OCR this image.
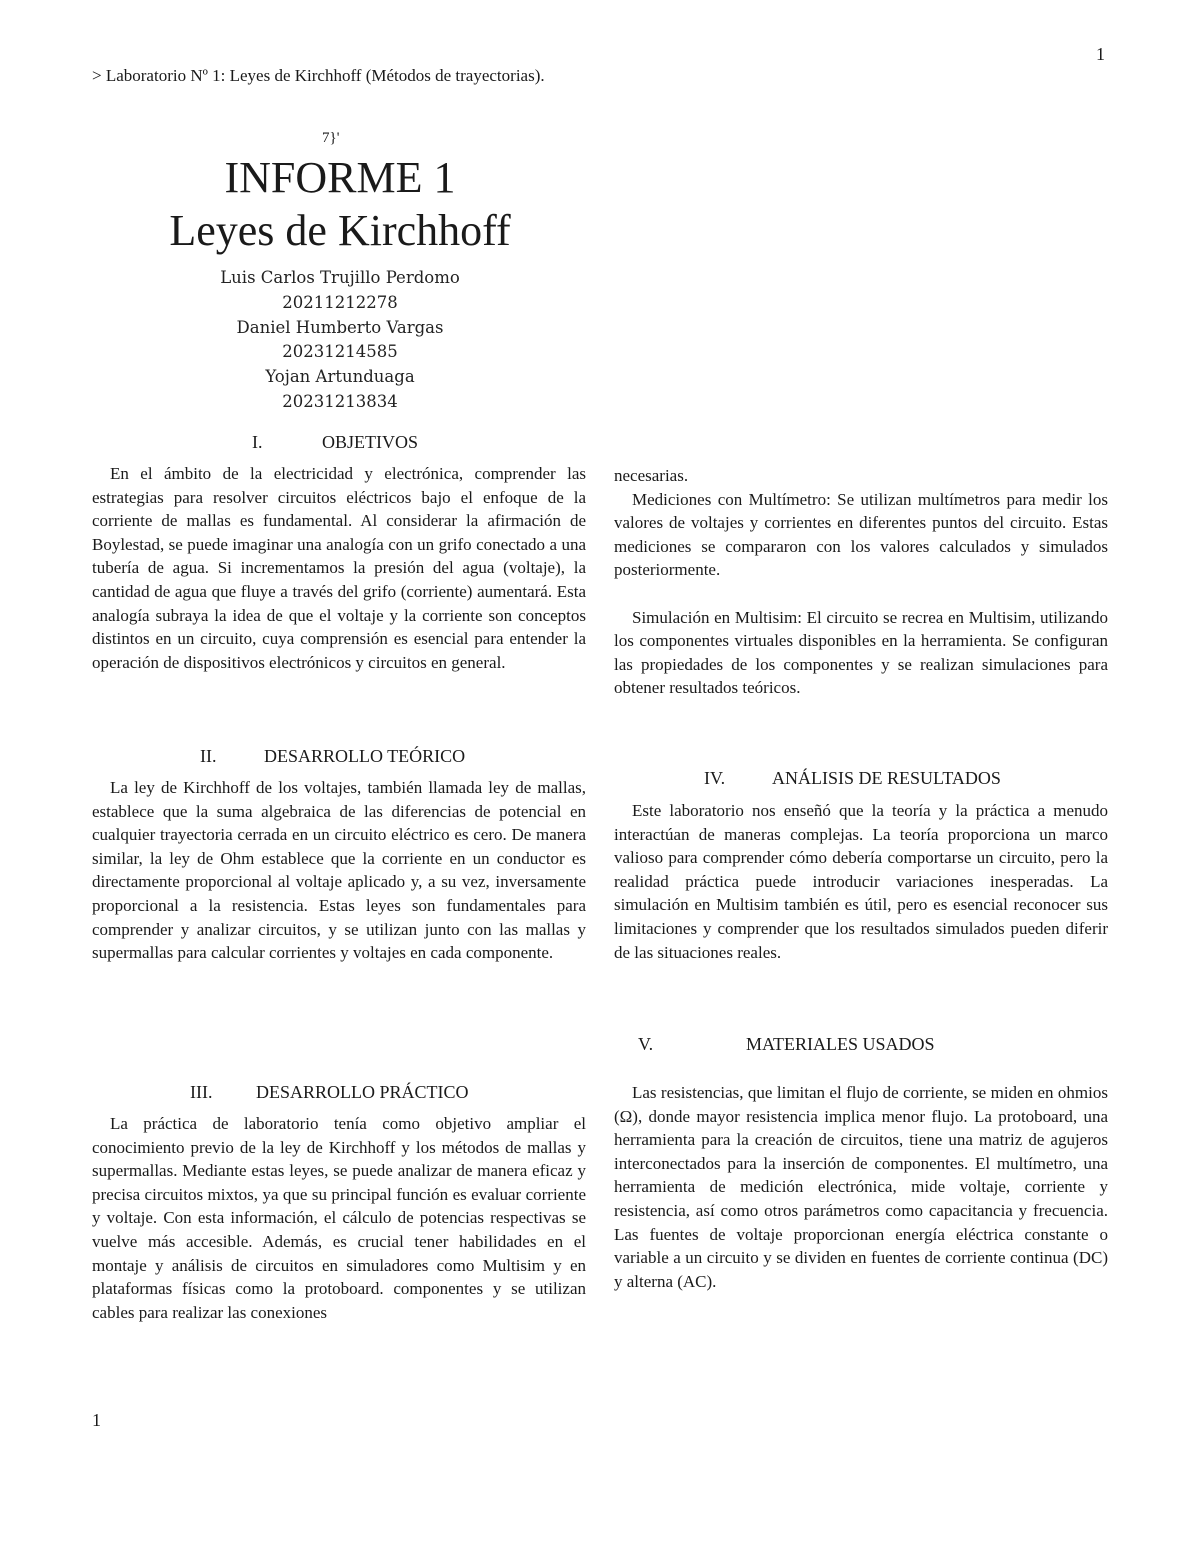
1
> Laboratorio Nº 1: Leyes de Kirchhoff (Métodos de trayectorias).
7}'
INFORME 1
Leyes de Kirchhoff
Luis Carlos Trujillo Perdomo
20211212278
Daniel Humberto Vargas
20231214585
Yojan Artunduaga
20231213834
I.	OBJETIVOS

En el ámbito de la electricidad y electrónica, comprender las estrategias para resolver circuitos eléctricos bajo el enfoque de la corriente de mallas es fundamental. Al considerar la afirmación de Boylestad, se puede imaginar una analogía con un grifo conectado a una tubería de agua. Si incrementamos la presión del agua (voltaje), la cantidad de agua que fluye a través del grifo (corriente) aumentará. Esta analogía subraya la idea de que el voltaje y la corriente son conceptos distintos en un circuito, cuya comprensión es esencial para entender la operación de dispositivos electrónicos y circuitos en general.

II.	DESARROLLO TEÓRICO

La ley de Kirchhoff de los voltajes, también llamada ley de mallas, establece que la suma algebraica de las diferencias de potencial en cualquier trayectoria cerrada en un circuito eléctrico es cero. De manera similar, la ley de Ohm establece que la corriente en un conductor es directamente proporcional al voltaje aplicado y, a su vez, inversamente proporcional a la resistencia. Estas leyes son fundamentales para comprender y analizar circuitos, y se utilizan junto con las mallas y supermallas para calcular corrientes y voltajes en cada componente.

III. DESARROLLO PRÁCTICO

La práctica de laboratorio tenía como objetivo ampliar el conocimiento previo de la ley de Kirchhoff y los métodos de mallas y supermallas. Mediante estas leyes, se puede analizar de manera eficaz y precisa circuitos mixtos, ya que su principal función es evaluar corriente y voltaje. Con esta información, el cálculo de potencias respectivas se vuelve más accesible. Además, es crucial tener habilidades en el montaje y análisis de circuitos en simuladores como Multisim y en plataformas físicas como la protoboard. componentes y se utilizan cables para realizar las conexiones

necesarias.

Mediciones con Multímetro: Se utilizan multímetros para medir los valores de voltajes y corrientes en diferentes puntos del circuito. Estas mediciones se compararon con los valores calculados y simulados posteriormente.

Simulación en Multisim: El circuito se recrea en Multisim, utilizando los componentes virtuales disponibles en la herramienta. Se configuran las propiedades de los componentes y se realizan simulaciones para obtener resultados teóricos.

IV.	ANÁLISIS DE RESULTADOS

Este laboratorio nos enseñó que la teoría y la práctica a menudo interactúan de maneras complejas. La teoría proporciona un marco valioso para comprender cómo debería comportarse un circuito, pero la realidad práctica puede introducir variaciones inesperadas. La simulación en Multisim también es útil, pero es esencial reconocer sus limitaciones y comprender que los resultados simulados pueden diferir de las situaciones reales.

V.	MATERIALES USADOS

Las resistencias, que limitan el flujo de corriente, se miden en ohmios (Ω), donde mayor resistencia implica menor flujo. La protoboard, una herramienta para la creación de circuitos, tiene una matriz de agujeros interconectados para la inserción de componentes. El multímetro, una herramienta de medición electrónica, mide voltaje, corriente y resistencia, así como otros parámetros como capacitancia y frecuencia. Las fuentes de voltaje proporcionan energía eléctrica constante o variable a un circuito y se dividen en fuentes de corriente continua (DC) y alterna (AC).

1
